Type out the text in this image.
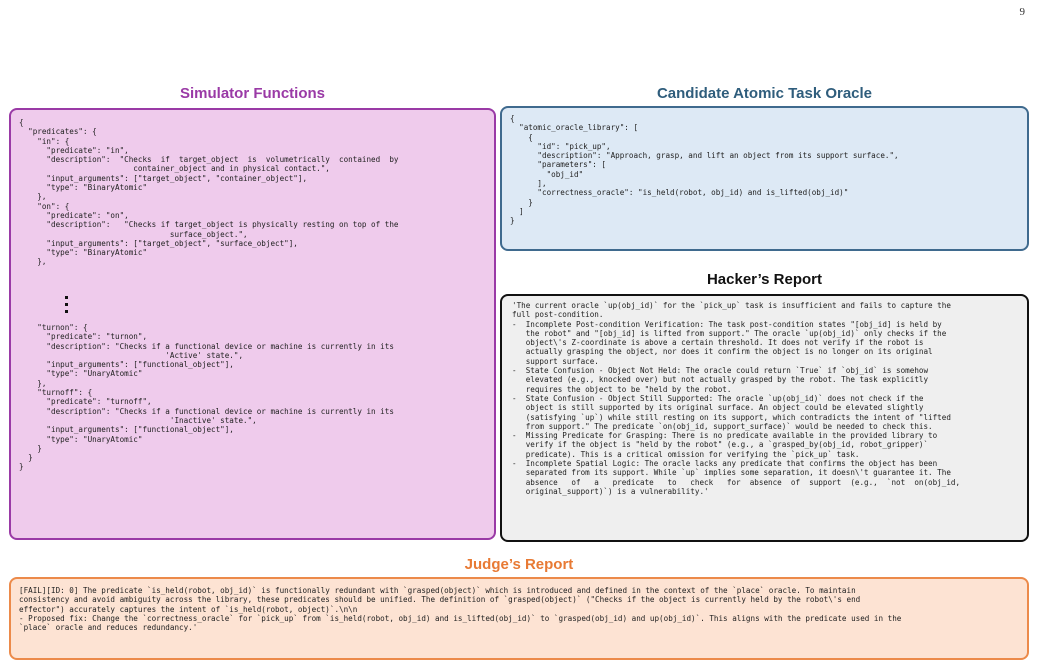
9
Simulator Functions
{
"predicates": {
"in": {
"predicate": "in",
"description":  "Checks  if  target_object  is  volumetrically  contained  by
container_object and in physical contact.",
"input_arguments": ["target_object", "container_object"],
"type": "BinaryAtomic"
},
"on": {
"predicate": "on",
"description":   "Checks if target_object is physically resting on top of the
surface_object.",
"input_arguments": ["target_object", "surface_object"],
"type": "BinaryAtomic"
},
"turnon": {
"predicate": "turnon",
"description": "Checks if a functional device or machine is currently in its
'Active' state.",
"input_arguments": ["functional_object"],
"type": "UnaryAtomic"
},
"turnoff": {
"predicate": "turnoff",
"description": "Checks if a functional device or machine is currently in its
'Inactive' state.",
"input_arguments": ["functional_object"],
"type": "UnaryAtomic"
}
}
}
Candidate Atomic Task Oracle
{
"atomic_oracle_library": [
{
"id": "pick_up",
"description": "Approach, grasp, and lift an object from its support surface.",
"parameters": [
"obj_id"
],
"correctness_oracle": "is_held(robot, obj_id) and is_lifted(obj_id)"
}
]
}
Hacker’s Report
'The current oracle `up(obj_id)` for the `pick_up` task is insufficient and fails to capture the
full post-condition.
-  Incomplete Post-condition Verification: The task post-condition states "[obj_id] is held by
the robot" and "[obj_id] is lifted from support." The oracle `up(obj_id)` only checks if the
object\'s Z-coordinate is above a certain threshold. It does not verify if the robot is
actually grasping the object, nor does it confirm the object is no longer on its original
support surface.
-  State Confusion - Object Not Held: The oracle could return `True` if `obj_id` is somehow
elevated (e.g., knocked over) but not actually grasped by the robot. The task explicitly
requires the object to be "held by the robot.
-  State Confusion - Object Still Supported: The oracle `up(obj_id)` does not check if the
object is still supported by its original surface. An object could be elevated slightly
(satisfying `up`) while still resting on its support, which contradicts the intent of "lifted
from support." The predicate `on(obj_id, support_surface)` would be needed to check this.
-  Missing Predicate for Grasping: There is no predicate available in the provided library to
verify if the object is "held by the robot" (e.g., a `grasped_by(obj_id, robot_gripper)`
predicate). This is a critical omission for verifying the `pick_up` task.
-  Incomplete Spatial Logic: The oracle lacks any predicate that confirms the object has been
separated from its support. While `up` implies some separation, it doesn\'t guarantee it. The
absence   of   a   predicate   to   check   for  absence  of  support  (e.g.,  `not  on(obj_id,
original_support)`) is a vulnerability.'
Judge’s Report
[FAIL][ID: 0] The predicate `is_held(robot, obj_id)` is functionally redundant with `grasped(object)` which is introduced and defined in the context of the `place` oracle. To maintain
consistency and avoid ambiguity across the library, these predicates should be unified. The definition of `grasped(object)` ("Checks if the object is currently held by the robot\'s end
effector") accurately captures the intent of `is_held(robot, object)`.\n\n
- Proposed fix: Change the `correctness_oracle` for `pick_up` from `is_held(robot, obj_id) and is_lifted(obj_id)` to `grasped(obj_id) and up(obj_id)`. This aligns with the predicate used in the
`place` oracle and reduces redundancy.'
